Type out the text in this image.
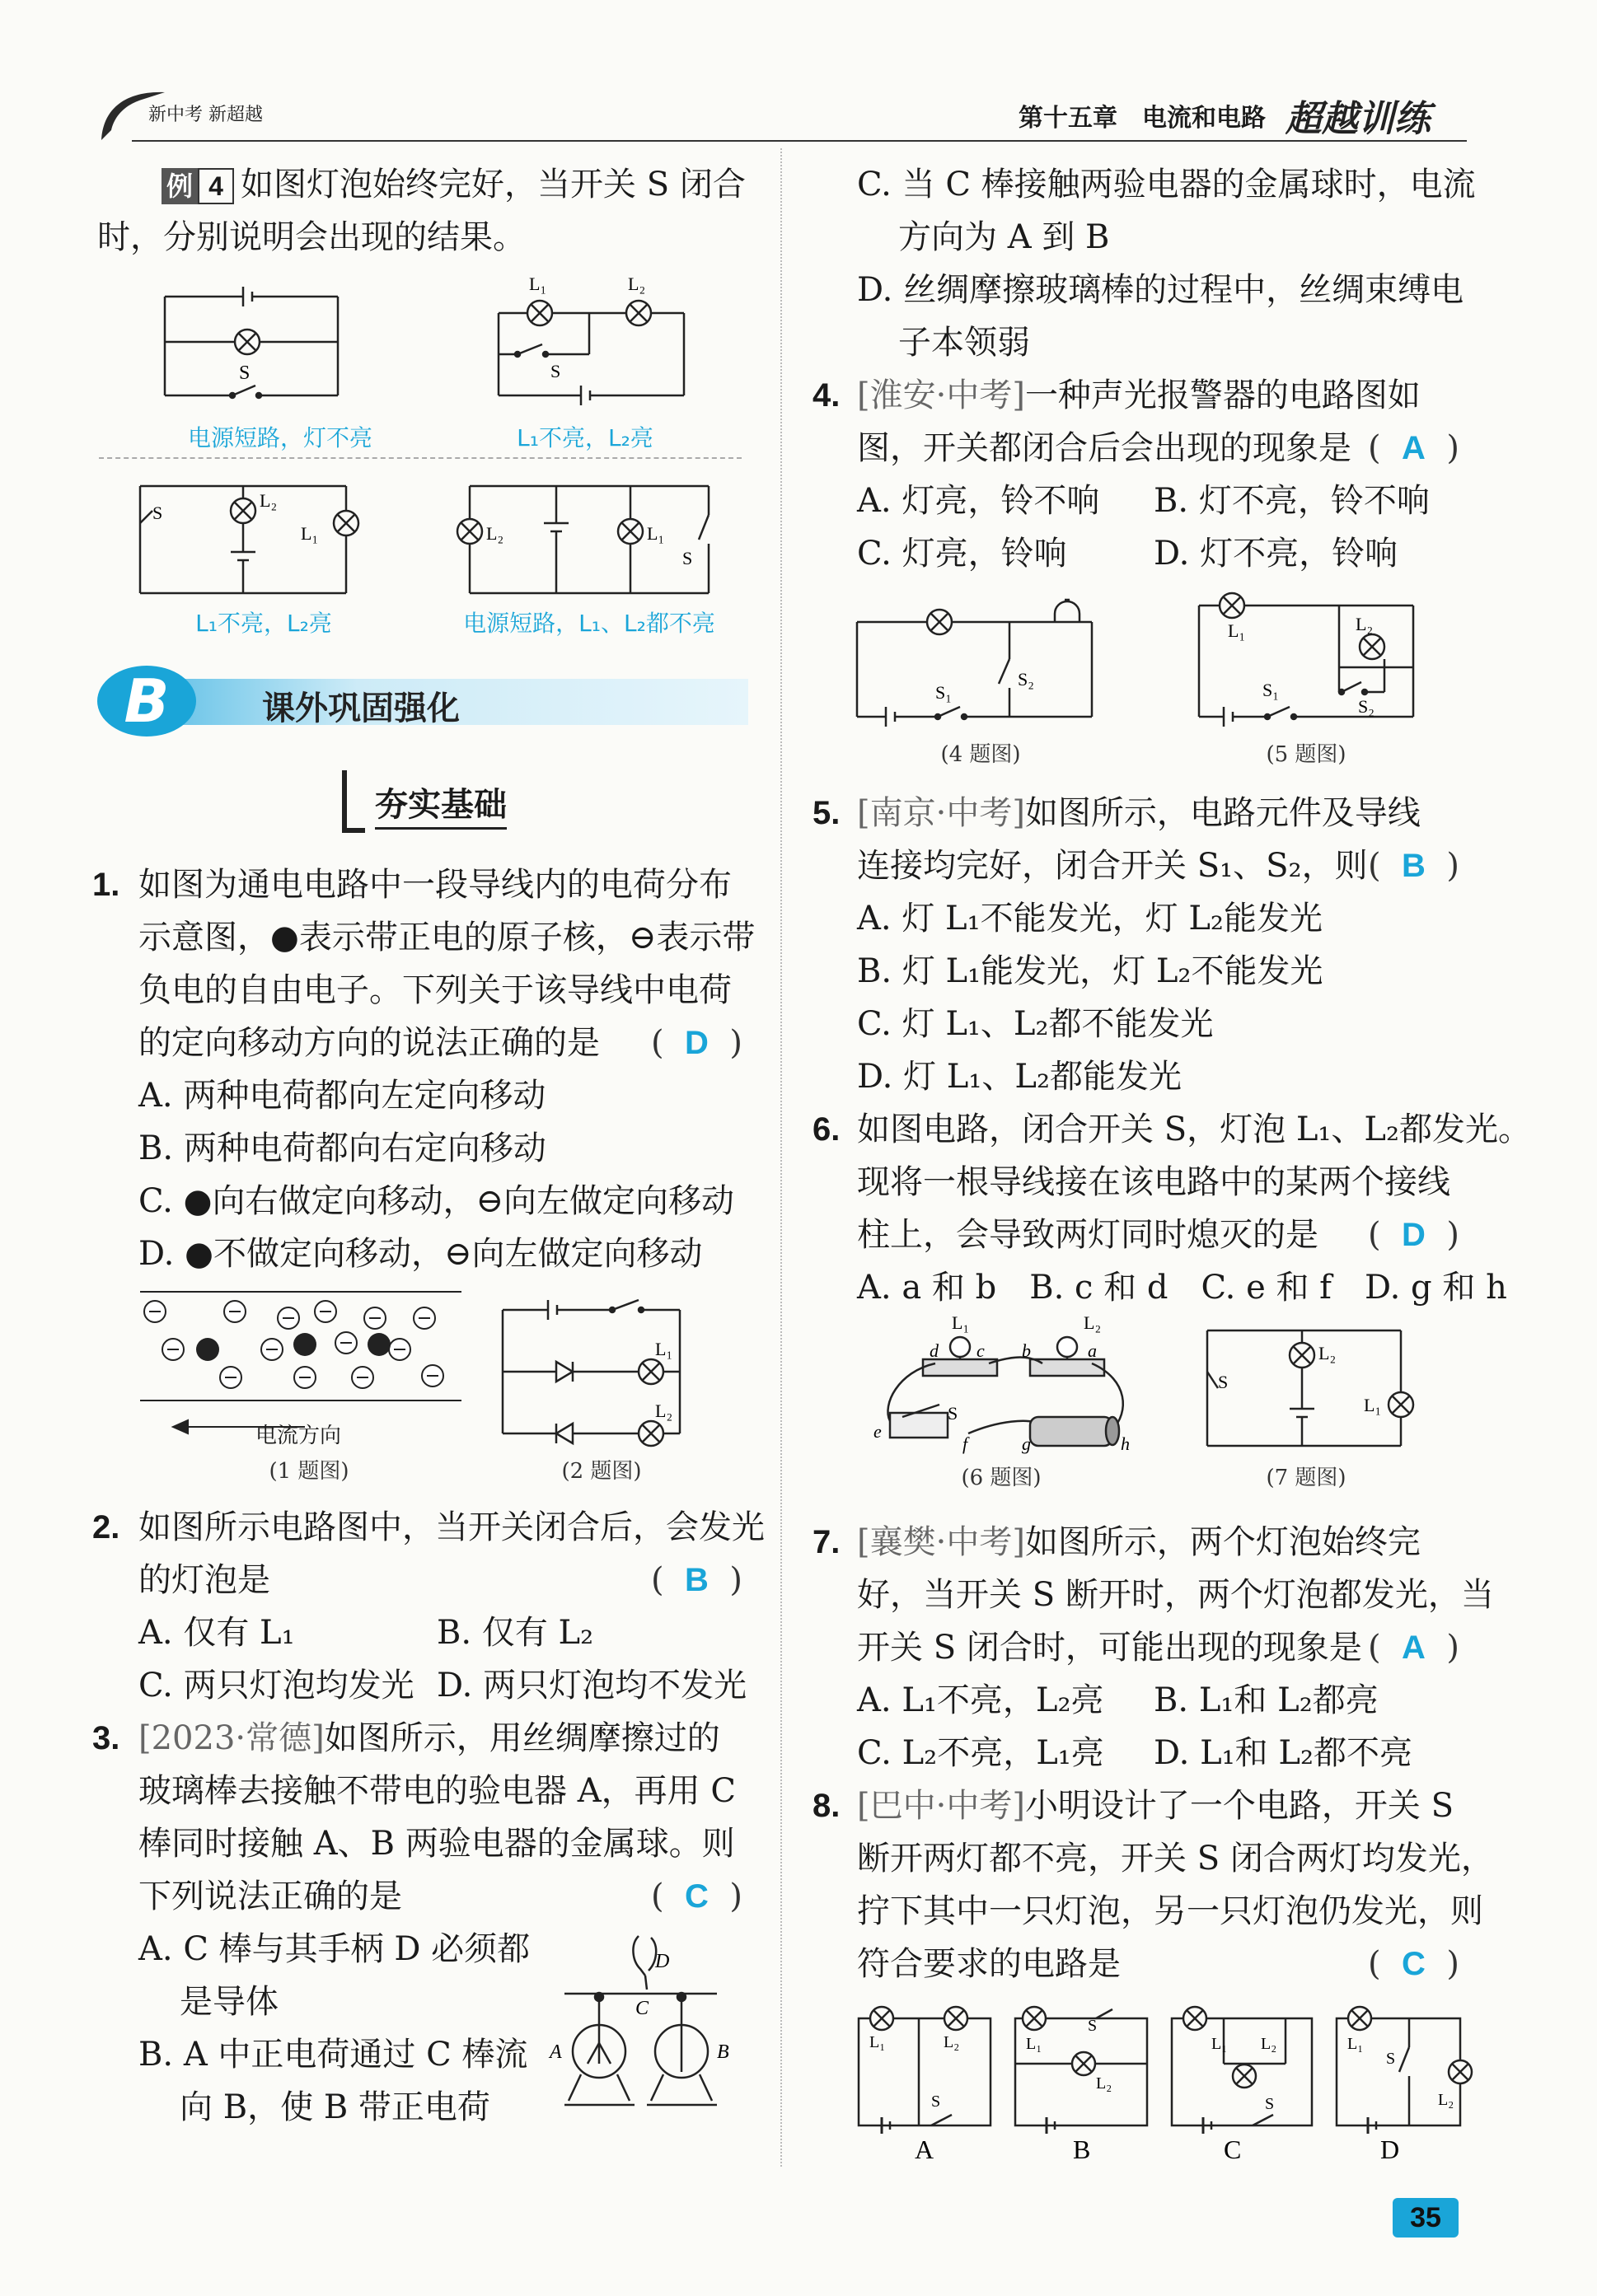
新中考 新超越	第十五章　电流和电路 超越训练
例 4 如图灯泡始终完好，当开关 S 闭合
时，分别说明会出现的结果。
S
电源短路，灯不亮
L₁	L₂
S
L₁不亮，L₂亮
S
L₂
L₁
L₁不亮，L₂亮
L₂	L₁
S
电源短路，L₁、L₂都不亮
B	课外巩固强化
夯实基础
1. 如图为通电电路中一段导线内的电荷分布
示意图，●表示带正电的原子核，⊖表示带
负电的自由电子。下列关于该导线中电荷
的定向移动方向的说法正确的是 ( D )
A. 两种电荷都向左定向移动
B. 两种电荷都向右定向移动
C. ●向右做定向移动，⊖向左做定向移动
D. ●不做定向移动，⊖向左做定向移动
电流方向
(1 题图)
L₁
L₂
(2 题图)
2. 如图所示电路图中，当开关闭合后，会发光
的灯泡是	( B )
A. 仅有 L₁	B. 仅有 L₂
C. 两只灯泡均发光 D. 两只灯泡均不发光
3. [2023·常德]如图所示，用丝绸摩擦过的
玻璃棒去接触不带电的验电器 A，再用 C
棒同时接触 A、B 两验电器的金属球。则
下列说法正确的是	( C )
A. C 棒与其手柄 D 必须都
是导体
B. A 中正电荷通过 C 棒流
向 B，使 B 带正电荷
D
C
A	B
C. 当 C 棒接触两验电器的金属球时，电流
方向为 A 到 B
D. 丝绸摩擦玻璃棒的过程中，丝绸束缚电
子本领弱
4. [淮安·中考]一种声光报警器的电路图如
图，开关都闭合后会出现的现象是 ( A )
A. 灯亮，铃不响 B. 灯不亮，铃不响
C. 灯亮，铃响	D. 灯不亮，铃响
S₁
S₂
(4 题图)
L₁	L₂
S₁
S₂
(5 题图)
5. [南京·中考]如图所示，电路元件及导线
连接均完好，闭合开关 S₁、S₂，则 ( B )
A. 灯 L₁不能发光，灯 L₂能发光
B. 灯 L₁能发光，灯 L₂不能发光
C. 灯 L₁、L₂都不能发光
D. 灯 L₁、L₂都能发光
6. 如图电路，闭合开关 S，灯泡 L₁、L₂都发光。
现将一根导线接在该电路中的某两个接线
柱上，会导致两灯同时熄灭的是 ( D )
A. a 和 b　B. c 和 d　C. e 和 f　D. g 和 h
d c b	a
e
f	g	h
L₁	L₂
S
(6 题图)
S
L₂
L₁
(7 题图)
7. [襄樊·中考]如图所示，两个灯泡始终完
好，当开关 S 断开时，两个灯泡都发光，当
开关 S 闭合时，可能出现的现象是 ( A )
A. L₁不亮，L₂亮 B. L₁和 L₂都亮
C. L₂不亮，L₁亮 D. L₁和 L₂都不亮
8. [巴中·中考]小明设计了一个电路，开关 S
断开两灯都不亮，开关 S 闭合两灯均发光，
拧下其中一只灯泡，另一只灯泡仍发光，则
符合要求的电路是	( C )
L₁	L₂
S
L₁
S
L₂
L₁ L₂
S
L₁
S
L₂
A	B	C	D
35
